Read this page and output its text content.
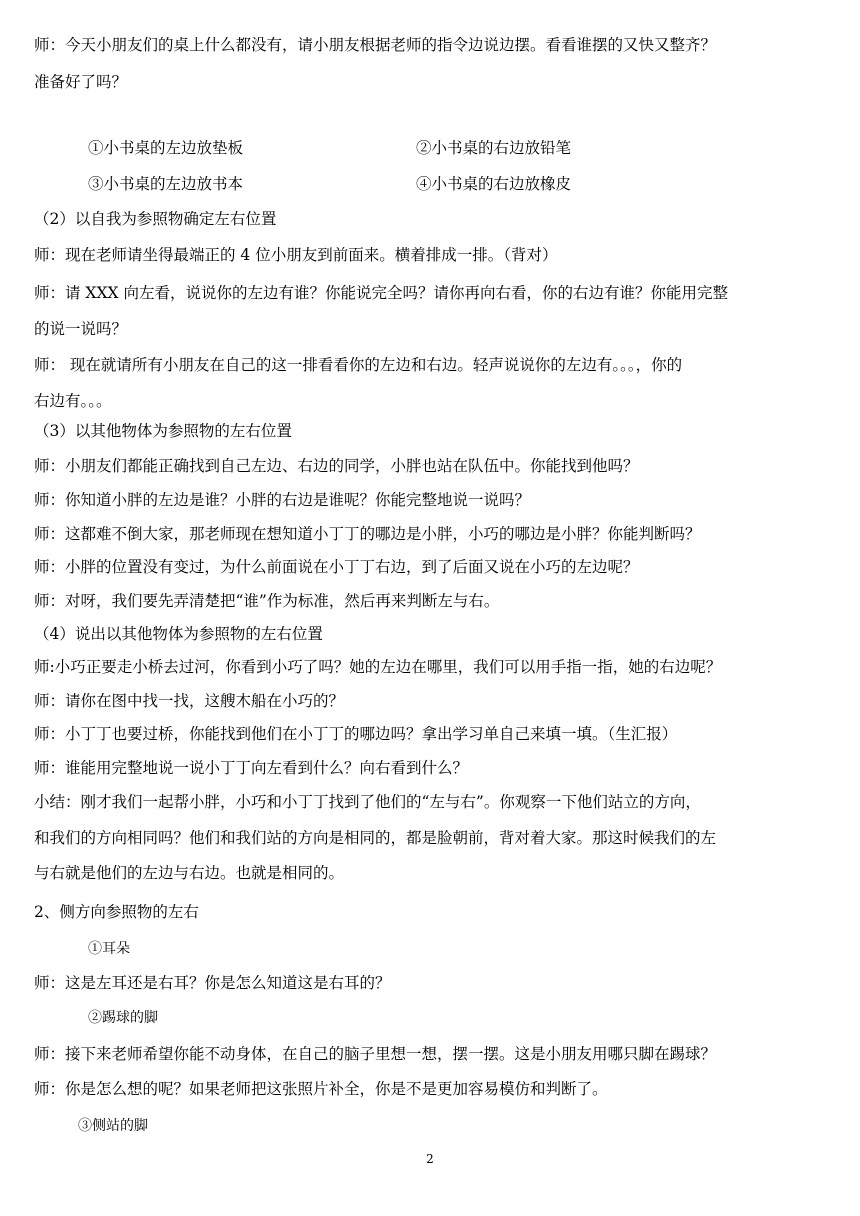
师：今天小朋友们的桌上什么都没有，请小朋友根据老师的指令边说边摆。看看谁摆的又快又整齐？
准备好了吗？
①小书桌的左边放垫板	②小书桌的右边放铅笔
③小书桌的左边放书本	④小书桌的右边放橡皮
（2）以自我为参照物确定左右位置
师：现在老师请坐得最端正的 4 位小朋友到前面来。横着排成一排。（背对）
师：请 XXX 向左看，说说你的左边有谁？你能说完全吗？请你再向右看，你的右边有谁？你能用完整
的说一说吗？
师： 现在就请所有小朋友在自己的这一排看看你的左边和右边。轻声说说你的左边有。。。，你的
右边有。。。
（3）以其他物体为参照物的左右位置
师：小朋友们都能正确找到自己左边、右边的同学，小胖也站在队伍中。你能找到他吗？
师：你知道小胖的左边是谁？小胖的右边是谁呢？你能完整地说一说吗？
师：这都难不倒大家，那老师现在想知道小丁丁的哪边是小胖，小巧的哪边是小胖？你能判断吗？
师：小胖的位置没有变过，为什么前面说在小丁丁右边，到了后面又说在小巧的左边呢？
师：对呀，我们要先弄清楚把“谁”作为标准，然后再来判断左与右。
（4）说出以其他物体为参照物的左右位置
师:小巧正要走小桥去过河，你看到小巧了吗？她的左边在哪里，我们可以用手指一指，她的右边呢？
师：请你在图中找一找，这艘木船在小巧的？
师：小丁丁也要过桥，你能找到他们在小丁丁的哪边吗？拿出学习单自己来填一填。（生汇报）
师：谁能用完整地说一说小丁丁向左看到什么？向右看到什么？
小结：刚才我们一起帮小胖，小巧和小丁丁找到了他们的“左与右”。你观察一下他们站立的方向，
和我们的方向相同吗？他们和我们站的方向是相同的，都是脸朝前，背对着大家。那这时候我们的左
与右就是他们的左边与右边。也就是相同的。
2、侧方向参照物的左右
①耳朵
师：这是左耳还是右耳？你是怎么知道这是右耳的？
②踢球的脚
师：接下来老师希望你能不动身体，在自己的脑子里想一想，摆一摆。这是小朋友用哪只脚在踢球？
师：你是怎么想的呢？如果老师把这张照片补全，你是不是更加容易模仿和判断了。
③侧站的脚
2
